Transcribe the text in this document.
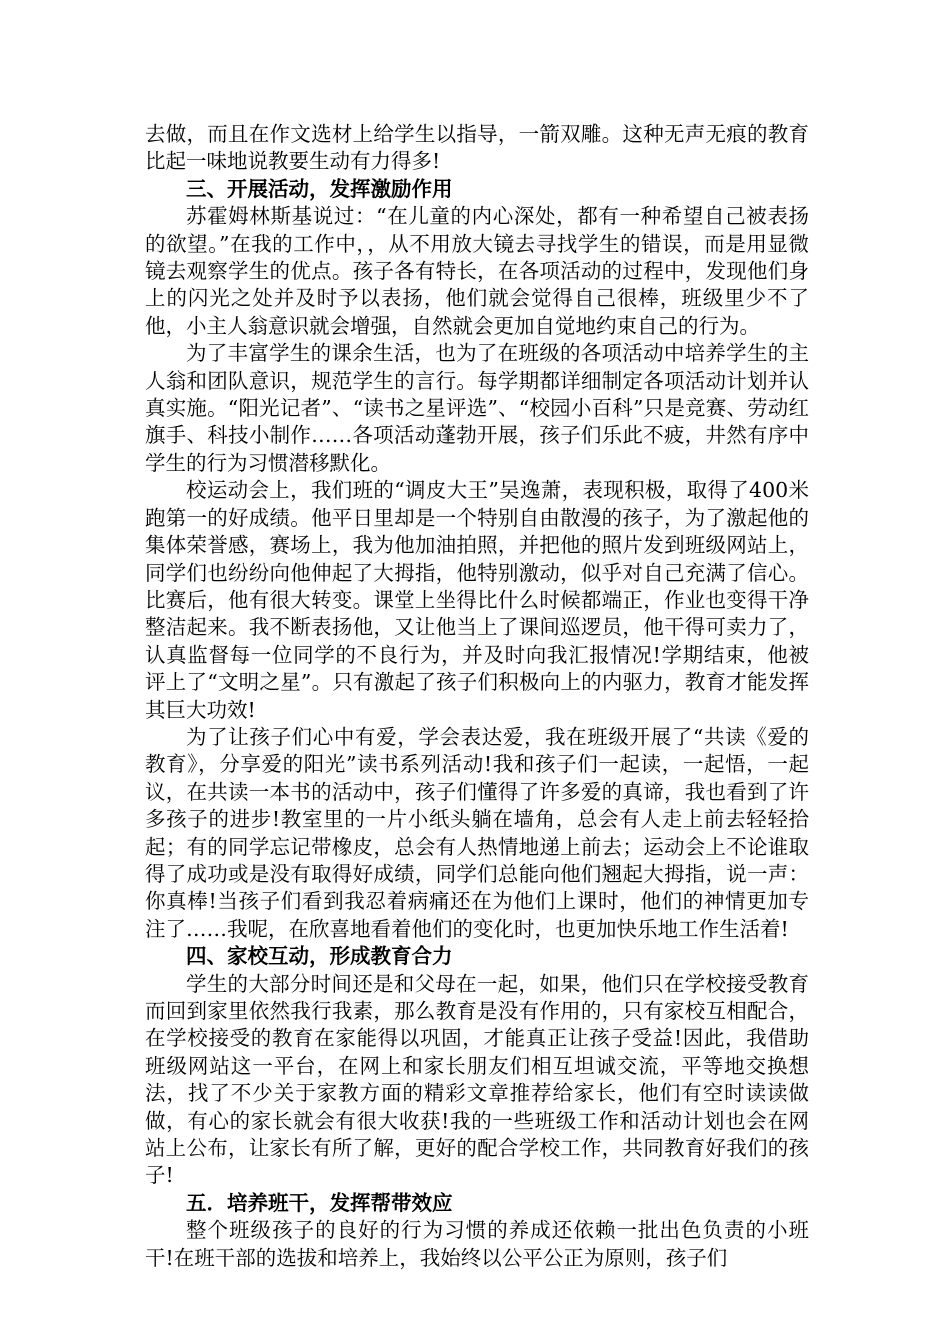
去做，而且在作文选材上给学生以指导，一箭双雕。这种无声无痕的教育比起一味地说教要生动有力得多!

三、开展活动，发挥激励作用

苏霍姆林斯基说过：“在儿童的内心深处，都有一种希望自己被表扬的欲望。”在我的工作中，，从不用放大镜去寻找学生的错误，而是用显微镜去观察学生的优点。孩子各有特长，在各项活动的过程中，发现他们身上的闪光之处并及时予以表扬，他们就会觉得自己很棒，班级里少不了他，小主人翁意识就会增强，自然就会更加自觉地约束自己的行为。

为了丰富学生的课余生活，也为了在班级的各项活动中培养学生的主人翁和团队意识，规范学生的言行。每学期都详细制定各项活动计划并认真实施。“阳光记者”、“读书之星评选”、“校园小百科”只是竞赛、劳动红旗手、科技小制作……各项活动蓬勃开展，孩子们乐此不疲，井然有序中学生的行为习惯潜移默化。

校运动会上，我们班的“调皮大王”吴逸萧，表现积极，取得了400米跑第一的好成绩。他平日里却是一个特别自由散漫的孩子，为了激起他的集体荣誉感，赛场上，我为他加油拍照，并把他的照片发到班级网站上，同学们也纷纷向他伸起了大拇指，他特别激动，似乎对自己充满了信心。比赛后，他有很大转变。课堂上坐得比什么时候都端正，作业也变得干净整洁起来。我不断表扬他，又让他当上了课间巡逻员，他干得可卖力了，认真监督每一位同学的不良行为，并及时向我汇报情况!学期结束，他被评上了“文明之星”。只有激起了孩子们积极向上的内驱力，教育才能发挥其巨大功效!

为了让孩子们心中有爱，学会表达爱，我在班级开展了“共读《爱的教育》，分享爱的阳光”读书系列活动!我和孩子们一起读，一起悟，一起议，在共读一本书的活动中，孩子们懂得了许多爱的真谛，我也看到了许多孩子的进步!教室里的一片小纸头躺在墙角，总会有人走上前去轻轻拾起；有的同学忘记带橡皮，总会有人热情地递上前去；运动会上不论谁取得了成功或是没有取得好成绩，同学们总能向他们翘起大拇指，说一声：你真棒!当孩子们看到我忍着病痛还在为他们上课时，他们的神情更加专注了……我呢，在欣喜地看着他们的变化时，也更加快乐地工作生活着!

四、家校互动，形成教育合力

学生的大部分时间还是和父母在一起，如果，他们只在学校接受教育而回到家里依然我行我素，那么教育是没有作用的，只有家校互相配合，在学校接受的教育在家能得以巩固，才能真正让孩子受益!因此，我借助班级网站这一平台，在网上和家长朋友们相互坦诚交流，平等地交换想法，找了不少关于家教方面的精彩文章推荐给家长，他们有空时读读做做，有心的家长就会有很大收获!我的一些班级工作和活动计划也会在网站上公布，让家长有所了解，更好的配合学校工作，共同教育好我们的孩子!

五．培养班干，发挥帮带效应

整个班级孩子的良好的行为习惯的养成还依赖一批出色负责的小班干!在班干部的选拔和培养上，我始终以公平公正为原则，孩子们
